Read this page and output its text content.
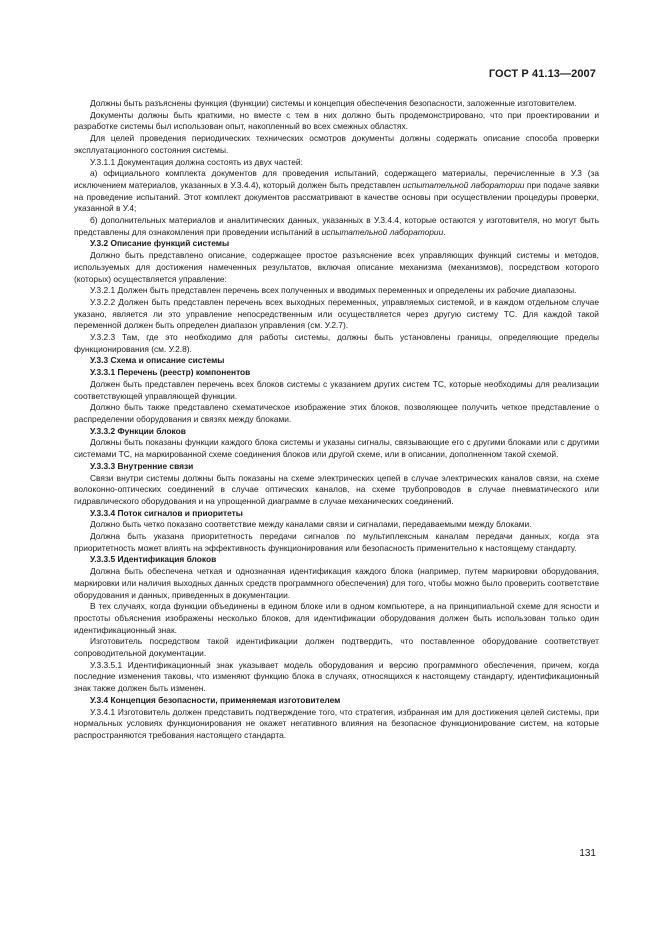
ГОСТ Р 41.13—2007

Должны быть разъяснены функция (функции) системы и концепция обеспечения безопасности, заложенные изготовителем.

Документы должны быть краткими, но вместе с тем в них должно быть продемонстрировано, что при проектировании и разработке системы был использован опыт, накопленный во всех смежных областях.

Для целей проведения периодических технических осмотров документы должны содержать описание способа проверки эксплуатационного состояния системы.

У.3.1.1 Документация должна состоять из двух частей:

а) официального комплекта документов для проведения испытаний, содержащего материалы, перечисленные в У.3 (за исключением материалов, указанных в У.3.4.4), который должен быть представлен испытательной лаборатории при подаче заявки на проведение испытаний. Этот комплект документов рассматривают в качестве основы при осуществлении процедуры проверки, указанной в У.4;

б) дополнительных материалов и аналитических данных, указанных в У.3.4.4, которые остаются у изготовителя, но могут быть представлены для ознакомления при проведении испытаний в испытательной лаборатории.

У.3.2 Описание функций системы

Должно быть представлено описание, содержащее простое разъяснение всех управляющих функций системы и методов, используемых для достижения намеченных результатов, включая описание механизма (механизмов), посредством которого (которых) осуществляется управление:

У.3.2.1 Должен быть представлен перечень всех полученных и вводимых переменных и определены их рабочие диапазоны.

У.3.2.2 Должен быть представлен перечень всех выходных переменных, управляемых системой, и в каждом отдельном случае указано, является ли это управление непосредственным или осуществляется через другую систему ТС. Для каждой такой переменной должен быть определен диапазон управления (см. У.2.7).

У.3.2.3 Там, где это необходимо для работы системы, должны быть установлены границы, определяющие пределы функционирования (см. У.2.8).

У.3.3 Схема и описание системы

У.3.3.1 Перечень (реестр) компонентов

Должен быть представлен перечень всех блоков системы с указанием других систем ТС, которые необходимы для реализации соответствующей управляющей функции.

Должно быть также представлено схематическое изображение этих блоков, позволяющее получить четкое представление о распределении оборудования и связях между блоками.

У.3.3.2 Функции блоков

Должны быть показаны функции каждого блока системы и указаны сигналы, связывающие его с другими блоками или с другими системами ТС, на маркированной схеме соединения блоков или другой схеме, или в описании, дополненном такой схемой.

У.3.3.3 Внутренние связи

Связи внутри системы должны быть показаны на схеме электрических цепей в случае электрических каналов связи, на схеме волоконно-оптических соединений в случае оптических каналов, на схеме трубопроводов в случае пневматического или гидравлического оборудования и на упрощенной диаграмме в случае механических соединений.

У.3.3.4 Поток сигналов и приоритеты

Должно быть четко показано соответствие между каналами связи и сигналами, передаваемыми между блоками.

Должна быть указана приоритетность передачи сигналов по мультиплексным каналам передачи данных, когда эта приоритетность может влиять на эффективность функционирования или безопасность применительно к настоящему стандарту.

У.3.3.5 Идентификация блоков

Должна быть обеспечена четкая и однозначная идентификация каждого блока (например, путем маркировки оборудования, маркировки или наличия выходных данных средств программного обеспечения) для того, чтобы можно было проверить соответствие оборудования и данных, приведенных в документации.

В тех случаях, когда функции объединены в едином блоке или в одном компьютере, а на принципиальной схеме для ясности и простоты объяснения изображены несколько блоков, для идентификации оборудования должен быть использован только один идентификационный знак.

Изготовитель посредством такой идентификации должен подтвердить, что поставленное оборудование соответствует сопроводительной документации.

У.3.3.5.1 Идентификационный знак указывает модель оборудования и версию программного обеспечения, причем, когда последние изменения таковы, что изменяют функцию блока в случаях, относящихся к настоящему стандарту, идентификационный знак также должен быть изменен.

У.3.4 Концепция безопасности, применяемая изготовителем

У.3.4.1 Изготовитель должен представить подтверждение того, что стратегия, избранная им для достижения целей системы, при нормальных условиях функционирования не окажет негативного влияния на безопасное функционирование систем, на которые распространяются требования настоящего стандарта.

131
